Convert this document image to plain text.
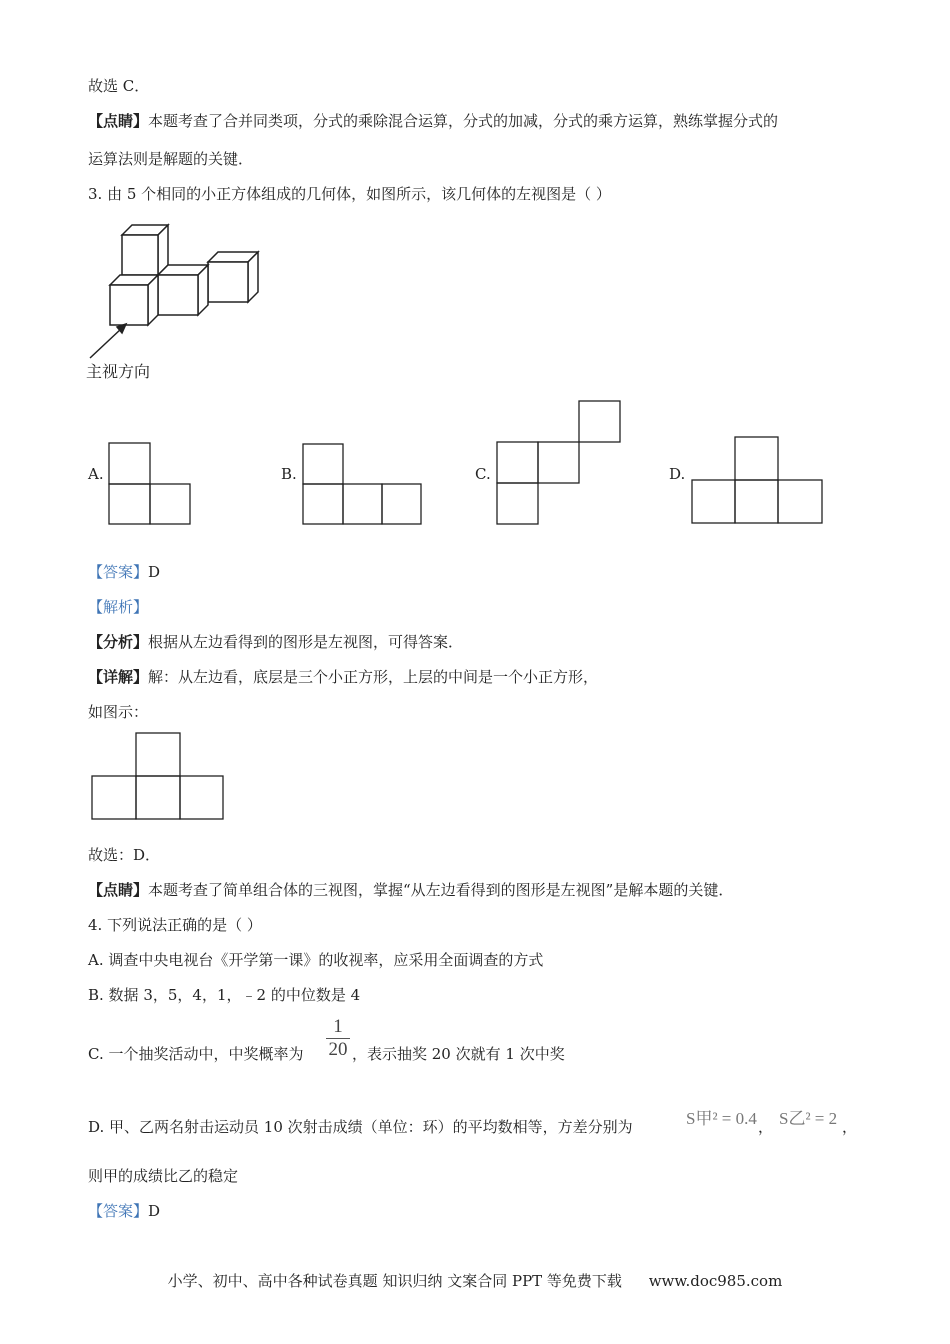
故选 C．
【点睛】本题考查了合并同类项，分式的乘除混合运算，分式的加减，分式的乘方运算，熟练掌握分式的
运算法则是解题的关键．
3. 由 5 个相同的小正方体组成的几何体，如图所示，该几何体的左视图是（ ）
主视方向
A.	B.	C.	D.
【答案】D
【解析】
【分析】根据从左边看得到的图形是左视图，可得答案．
【详解】解：从左边看，底层是三个小正方形，上层的中间是一个小正方形，
如图示：
故选：D．
【点睛】本题考查了简单组合体的三视图，掌握“从左边看得到的图形是左视图”是解本题的关键．
4. 下列说法正确的是（ ）
A. 调查中央电视台《开学第一课》的收视率，应采用全面调查的方式
B. 数据 3，5，4，1，﹣2 的中位数是 4
C. 一个抽奖活动中，中奖概率为 $\frac{1}{20}$ ，表示抽奖 20 次就有 1 次中奖
D. 甲、乙两名射击运动员 10 次射击成绩（单位：环）的平均数相等，方差分别为	S甲² = 0.4 ， S乙² = 2 ，
则甲的成绩比乙的稳定
【答案】D
小学、初中、高中各种试卷真题 知识归纳 文案合同 PPT 等免费下载 www.doc985.com
